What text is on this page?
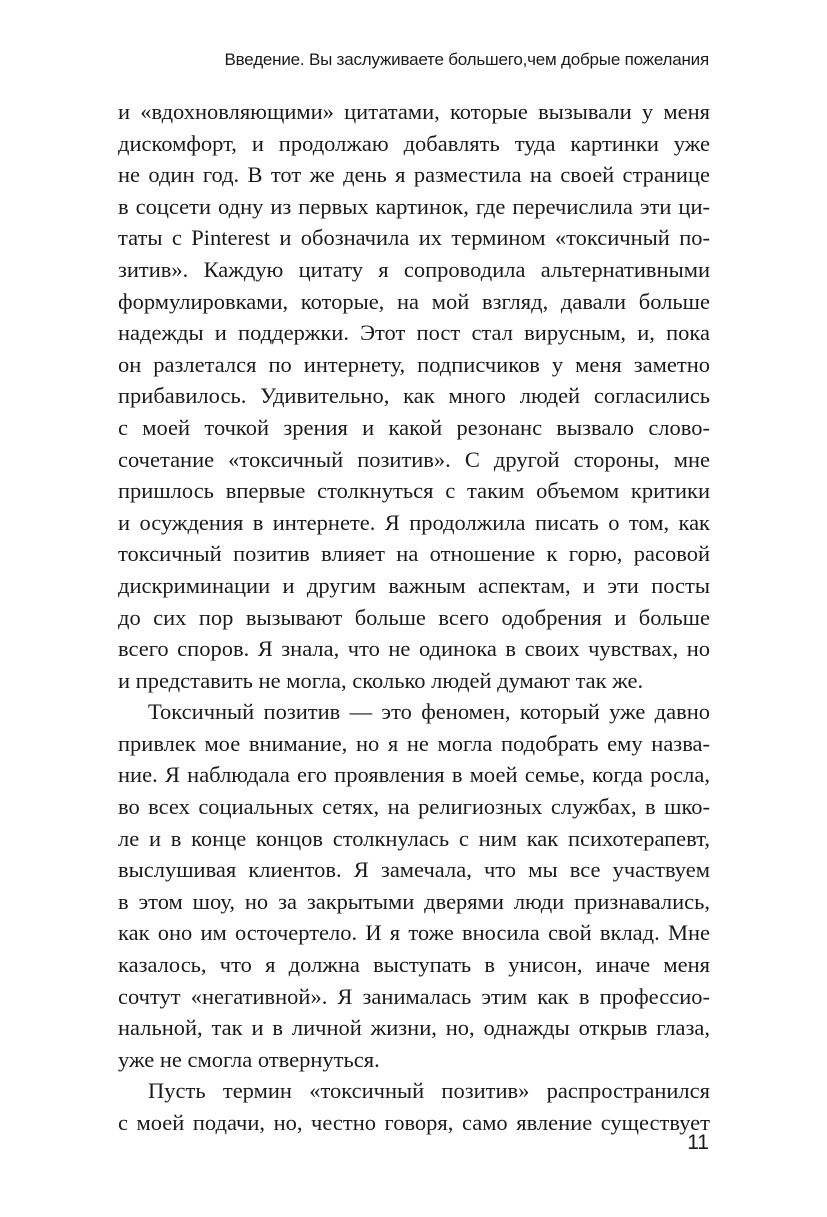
Введение. Вы заслуживаете большего,чем добрые пожелания
и «вдохновляющими» цитатами, которые вызывали у меня
дискомфорт, и продолжаю добавлять туда картинки уже
не один год. В тот же день я разместила на своей странице
в соцсети одну из первых картинок, где перечислила эти ци-
таты с Pinterest и обозначила их термином «токсичный по-
зитив». Каждую цитату я сопроводила альтернативными
формулировками, которые, на мой взгляд, давали больше
надежды и поддержки. Этот пост стал вирусным, и, пока
он разлетался по интернету, подписчиков у меня заметно
прибавилось. Удивительно, как много людей согласились
с моей точкой зрения и какой резонанс вызвало слово-
сочетание «токсичный позитив». С другой стороны, мне
пришлось впервые столкнуться с таким объемом критики
и осуждения в интернете. Я продолжила писать о том, как
токсичный позитив влияет на отношение к горю, расовой
дискриминации и другим важным аспектам, и эти посты
до сих пор вызывают больше всего одобрения и больше
всего споров. Я знала, что не одинока в своих чувствах, но
и представить не могла, сколько людей думают так же.
Токсичный позитив — это феномен, который уже давно
привлек мое внимание, но я не могла подобрать ему назва-
ние. Я наблюдала его проявления в моей семье, когда росла,
во всех социальных сетях, на религиозных службах, в шко-
ле и в конце концов столкнулась с ним как психотерапевт,
выслушивая клиентов. Я замечала, что мы все участвуем
в этом шоу, но за закрытыми дверями люди признавались,
как оно им осточертело. И я тоже вносила свой вклад. Мне
казалось, что я должна выступать в унисон, иначе меня
сочтут «негативной». Я занималась этим как в профессио-
нальной, так и в личной жизни, но, однажды открыв глаза,
уже не смогла отвернуться.
Пусть термин «токсичный позитив» распространился
с моей подачи, но, честно говоря, само явление существует
11
